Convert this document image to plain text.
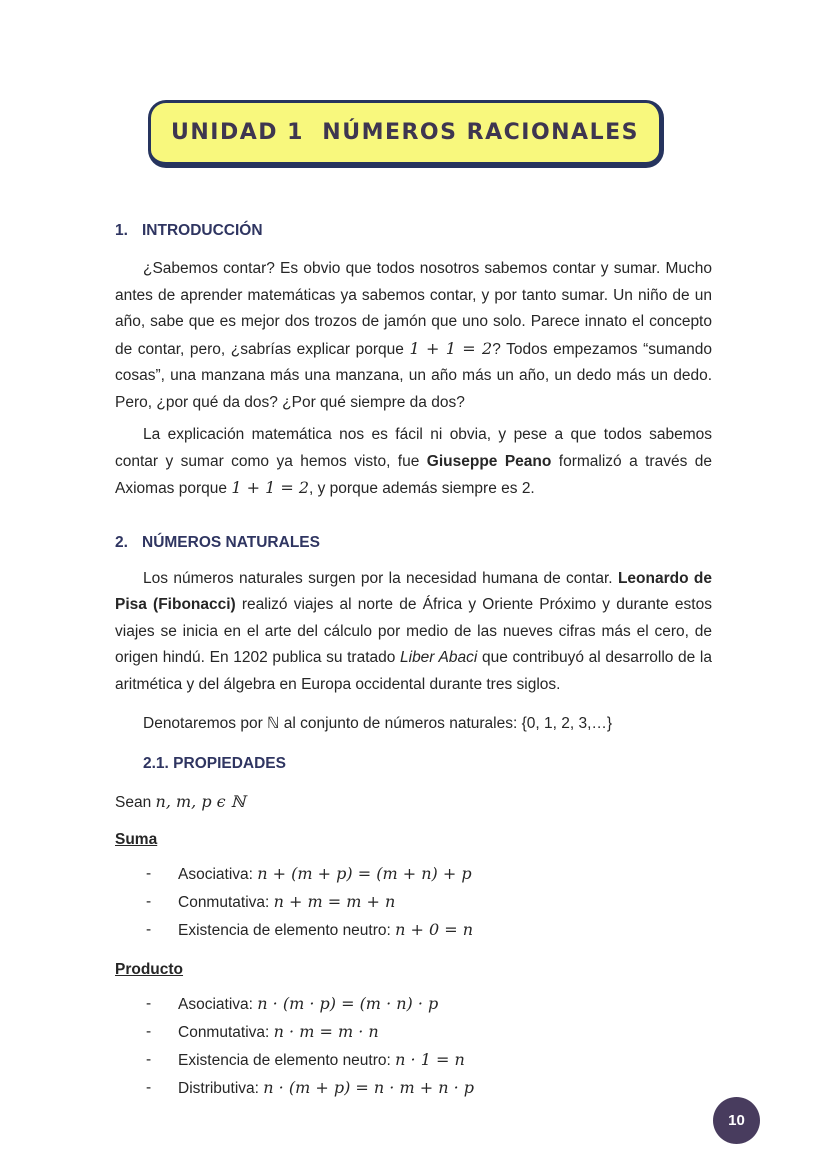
UNIDAD 1  NÚMEROS RACIONALES
1. INTRODUCCIÓN

¿Sabemos contar? Es obvio que todos nosotros sabemos contar y sumar. Mucho antes de aprender matemáticas ya sabemos contar, y por tanto sumar. Un niño de un año, sabe que es mejor dos trozos de jamón que uno solo. Parece innato el concepto de contar, pero, ¿sabrías explicar porque 1 + 1 = 2? Todos empezamos “sumando cosas”, una manzana más una manzana, un año más un año, un dedo más un dedo. Pero, ¿por qué da dos? ¿Por qué siempre da dos?

La explicación matemática nos es fácil ni obvia, y pese a que todos sabemos contar y sumar como ya hemos visto, fue Giuseppe Peano formalizó a través de Axiomas porque 1 + 1 = 2, y porque además siempre es 2.

2. NÚMEROS NATURALES

Los números naturales surgen por la necesidad humana de contar. Leonardo de Pisa (Fibonacci) realizó viajes al norte de África y Oriente Próximo y durante estos viajes se inicia en el arte del cálculo por medio de las nueves cifras más el cero, de origen hindú. En 1202 publica su tratado Liber Abaci que contribuyó al desarrollo de la aritmética y del álgebra en Europa occidental durante tres siglos.

Denotaremos por ℕ al conjunto de números naturales: {0, 1, 2, 3,…}

2.1. PROPIEDADES

Sean n, m, p ϵ ℕ

Suma

- Asociativa: n + (m + p) = (m + n) + p
- Conmutativa: n + m = m + n
- Existencia de elemento neutro: n + 0 = n

Producto

- Asociativa: n · (m · p) = (m · n) · p
- Conmutativa: n · m = m · n
- Existencia de elemento neutro: n · 1 = n
- Distributiva: n · (m + p) = n · m + n · p
10
